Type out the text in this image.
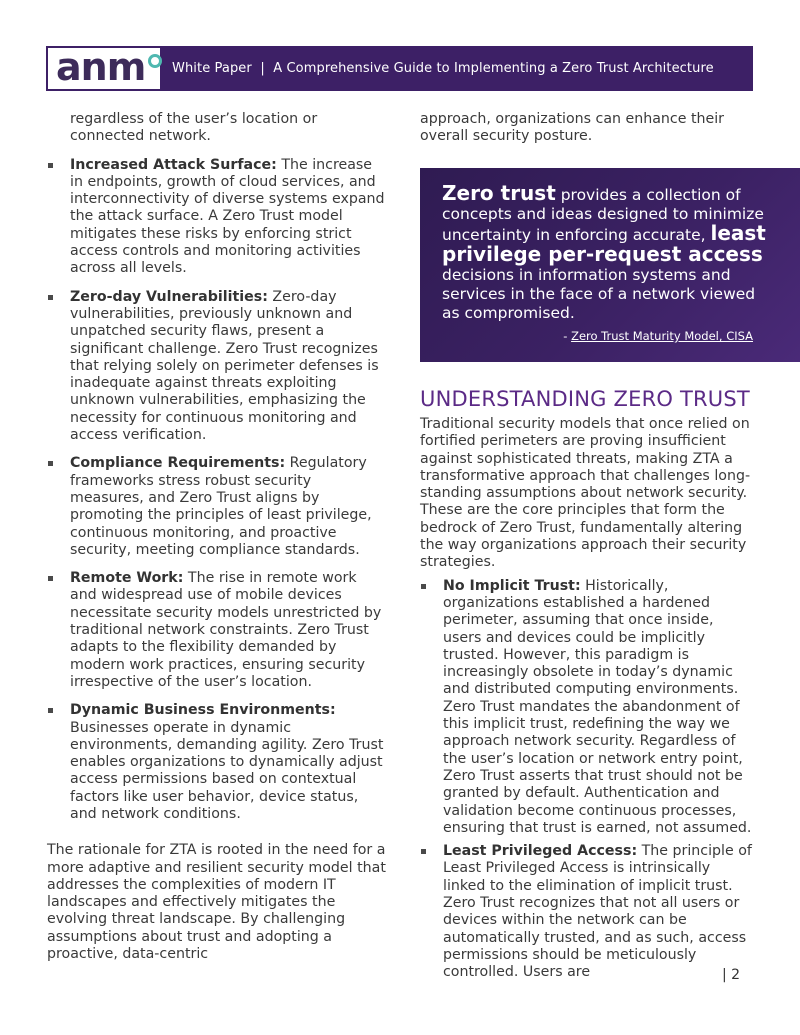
anm White Paper  |  A Comprehensive Guide to Implementing a Zero Trust Architecture

regardless of the user’s location or connected network.

Increased Attack Surface: The increase in endpoints, growth of cloud services, and interconnectivity of diverse systems expand the attack surface. A Zero Trust model mitigates these risks by enforcing strict access controls and monitoring activities across all levels.
Zero-day Vulnerabilities: Zero-day vulnerabilities, previously unknown and unpatched security flaws, present a significant challenge. Zero Trust recognizes that relying solely on perimeter defenses is inadequate against threats exploiting unknown vulnerabilities, emphasizing the necessity for continuous monitoring and access verification.
Compliance Requirements: Regulatory frameworks stress robust security measures, and Zero Trust aligns by promoting the principles of least privilege, continuous monitoring, and proactive security, meeting compliance standards.
Remote Work: The rise in remote work and widespread use of mobile devices necessitate security models unrestricted by traditional network constraints. Zero Trust adapts to the flexibility demanded by modern work practices, ensuring security irrespective of the user’s location.
Dynamic Business Environments: Businesses operate in dynamic environments, demanding agility. Zero Trust enables organizations to dynamically adjust access permissions based on contextual factors like user behavior, device status, and network conditions.

The rationale for ZTA is rooted in the need for a more adaptive and resilient security model that addresses the complexities of modern IT landscapes and effectively mitigates the evolving threat landscape. By challenging assumptions about trust and adopting a proactive, data-centric

approach, organizations can enhance their overall security posture.

Zero trust provides a collection of concepts and ideas designed to minimize uncertainty in enforcing accurate, least privilege per-request access decisions in information systems and services in the face of a network viewed as compromised.
- Zero Trust Maturity Model, CISA
UNDERSTANDING ZERO TRUST

Traditional security models that once relied on fortified perimeters are proving insufficient against sophisticated threats, making ZTA a transformative approach that challenges long-standing assumptions about network security. These are the core principles that form the bedrock of Zero Trust, fundamentally altering the way organizations approach their security strategies.

No Implicit Trust: Historically, organizations established a hardened perimeter, assuming that once inside, users and devices could be implicitly trusted. However, this paradigm is increasingly obsolete in today’s dynamic and distributed computing environments. Zero Trust mandates the abandonment of this implicit trust, redefining the way we approach network security. Regardless of the user’s location or network entry point, Zero Trust asserts that trust should not be granted by default. Authentication and validation become continuous processes, ensuring that trust is earned, not assumed.
Least Privileged Access: The principle of Least Privileged Access is intrinsically linked to the elimination of implicit trust. Zero Trust recognizes that not all users or devices within the network can be automatically trusted, and as such, access permissions should be meticulously controlled. Users are	| 2
